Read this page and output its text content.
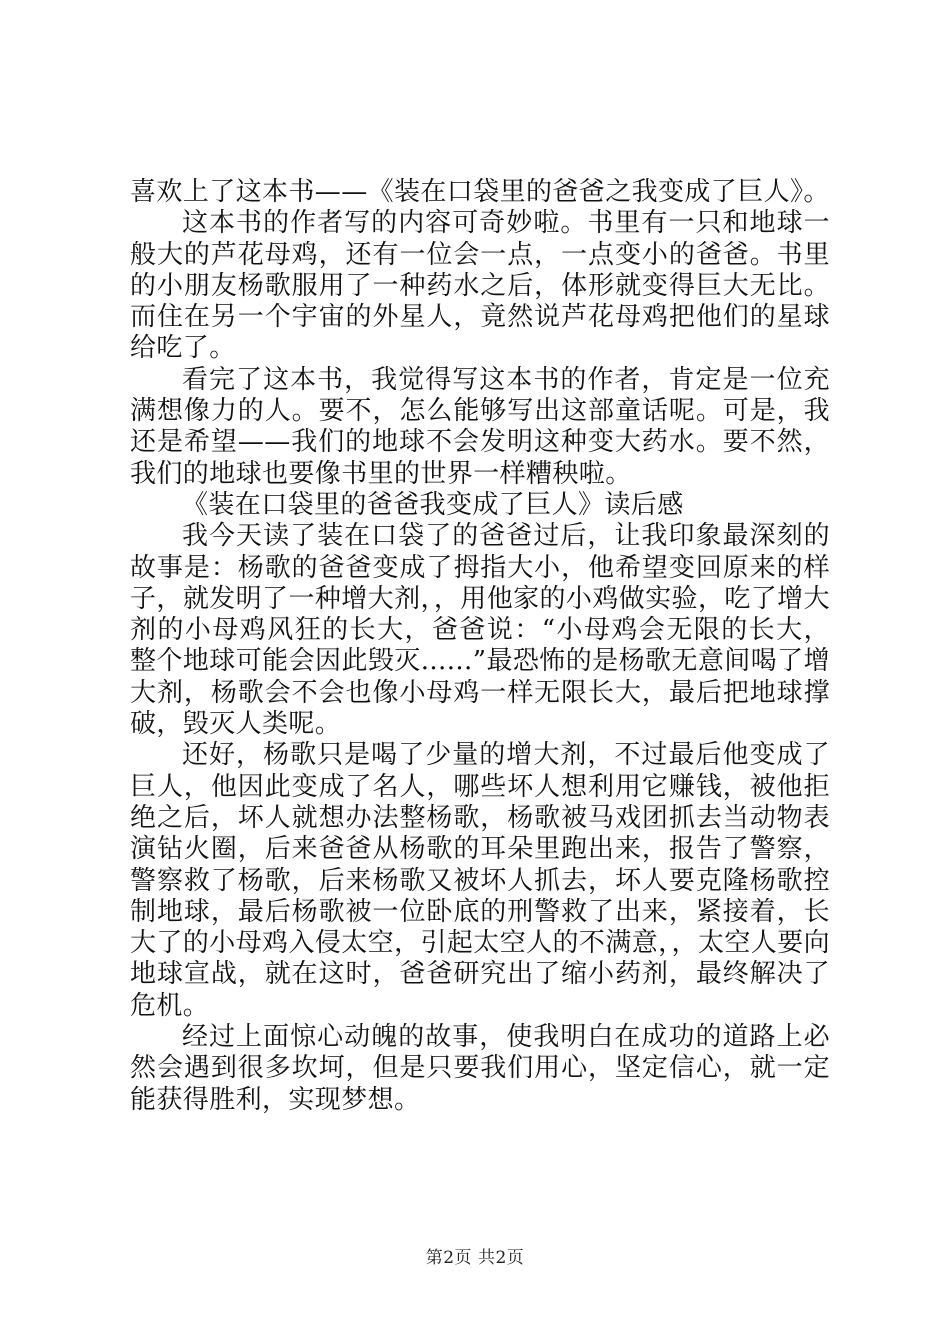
喜欢上了这本书——《装在口袋里的爸爸之我变成了巨人》。

这本书的作者写的内容可奇妙啦。书里有一只和地球一般大的芦花母鸡，还有一位会一点，一点变小的爸爸。书里的小朋友杨歌服用了一种药水之后，体形就变得巨大无比。而住在另一个宇宙的外星人，竟然说芦花母鸡把他们的星球给吃了。

看完了这本书，我觉得写这本书的作者，肯定是一位充满想像力的人。要不，怎么能够写出这部童话呢。可是，我还是希望——我们的地球不会发明这种变大药水。要不然，我们的地球也要像书里的世界一样糟秧啦。

《装在口袋里的爸爸我变成了巨人》读后感

我今天读了装在口袋了的爸爸过后，让我印象最深刻的故事是：杨歌的爸爸变成了拇指大小，他希望变回原来的样子，就发明了一种增大剂，，用他家的小鸡做实验，吃了增大剂的小母鸡风狂的长大，爸爸说：“小母鸡会无限的长大，整个地球可能会因此毁灭......”最恐怖的是杨歌无意间喝了增大剂，杨歌会不会也像小母鸡一样无限长大，最后把地球撑破，毁灭人类呢。

还好，杨歌只是喝了少量的增大剂，不过最后他变成了巨人，他因此变成了名人，哪些坏人想利用它赚钱，被他拒绝之后，坏人就想办法整杨歌，杨歌被马戏团抓去当动物表演钻火圈，后来爸爸从杨歌的耳朵里跑出来，报告了警察，警察救了杨歌，后来杨歌又被坏人抓去，坏人要克隆杨歌控制地球，最后杨歌被一位卧底的刑警救了出来，紧接着，长大了的小母鸡入侵太空，引起太空人的不满意，，太空人要向地球宣战，就在这时，爸爸研究出了缩小药剂，最终解决了危机。

经过上面惊心动魄的故事，使我明白在成功的道路上必然会遇到很多坎坷，但是只要我们用心，坚定信心，就一定能获得胜利，实现梦想。

第2页 共2页
